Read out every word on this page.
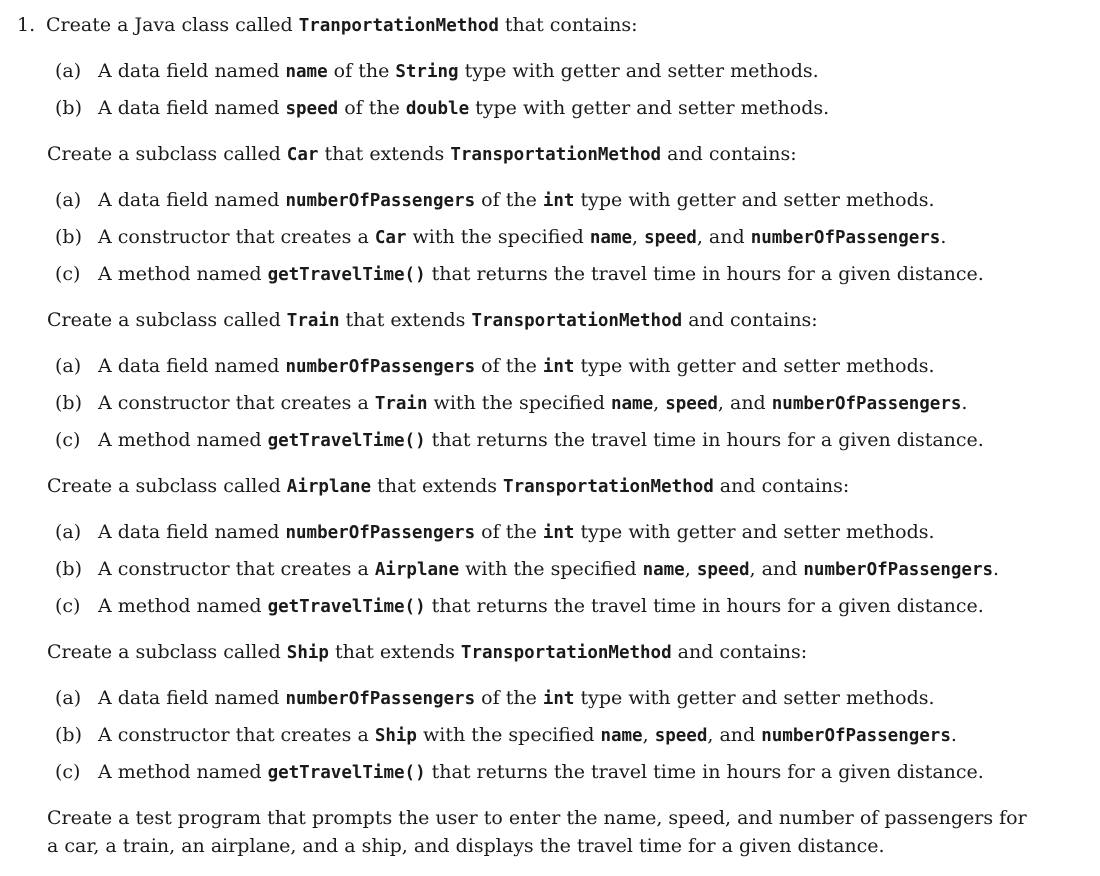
1. Create a Java class called TranportationMethod that contains:

(a) A data field named name of the String type with getter and setter methods.

(b) A data field named speed of the double type with getter and setter methods.

Create a subclass called Car that extends TransportationMethod and contains:

(a) A data field named numberOfPassengers of the int type with getter and setter methods.

(b) A constructor that creates a Car with the specified name, speed, and numberOfPassengers.

(c) A method named getTravelTime() that returns the travel time in hours for a given distance.

Create a subclass called Train that extends TransportationMethod and contains:

(a) A data field named numberOfPassengers of the int type with getter and setter methods.

(b) A constructor that creates a Train with the specified name, speed, and numberOfPassengers.

(c) A method named getTravelTime() that returns the travel time in hours for a given distance.

Create a subclass called Airplane that extends TransportationMethod and contains:

(a) A data field named numberOfPassengers of the int type with getter and setter methods.

(b) A constructor that creates a Airplane with the specified name, speed, and numberOfPassengers.

(c) A method named getTravelTime() that returns the travel time in hours for a given distance.

Create a subclass called Ship that extends TransportationMethod and contains:

(a) A data field named numberOfPassengers of the int type with getter and setter methods.

(b) A constructor that creates a Ship with the specified name, speed, and numberOfPassengers.

(c) A method named getTravelTime() that returns the travel time in hours for a given distance.

Create a test program that prompts the user to enter the name, speed, and number of passengers for

a car, a train, an airplane, and a ship, and displays the travel time for a given distance.
